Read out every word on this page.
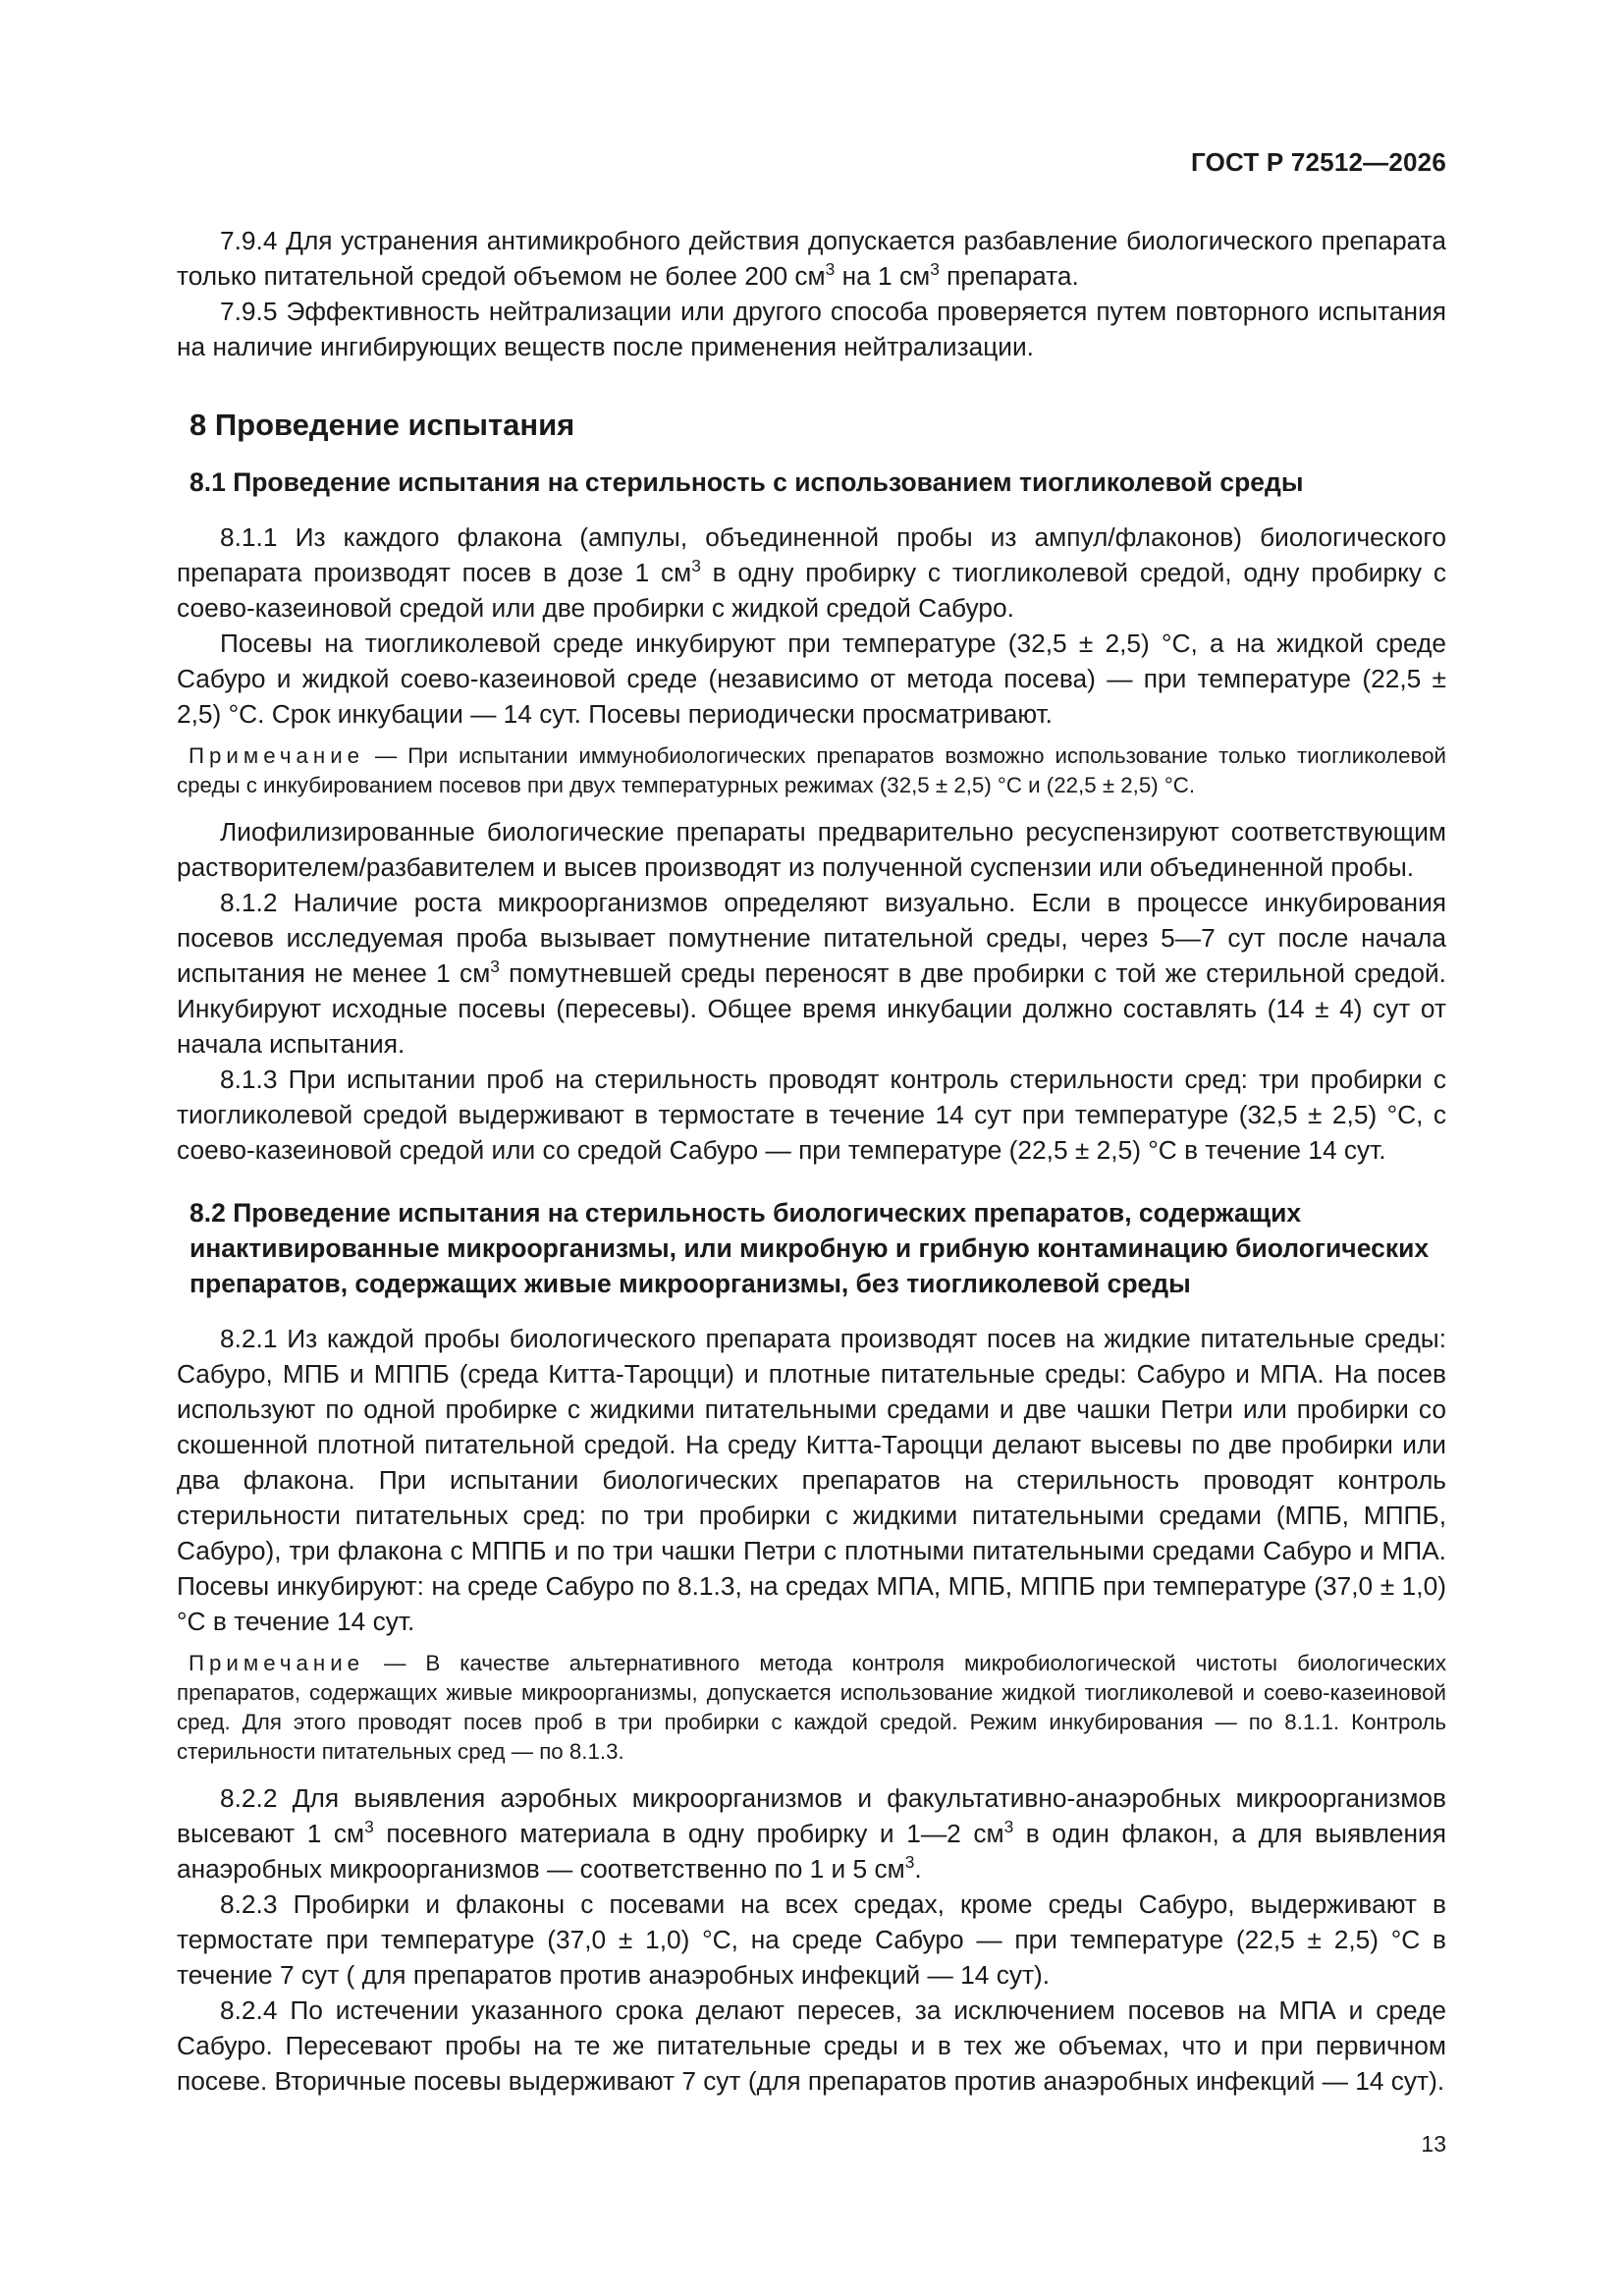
ГОСТ Р 72512—2026

7.9.4 Для устранения антимикробного действия допускается разбавление биологического препарата только питательной средой объемом не более 200 $см^3$ на 1 $см^3$ препарата.

7.9.5 Эффективность нейтрализации или другого способа проверяется путем повторного испытания на наличие ингибирующих веществ после применения нейтрализации.

8 Проведение испытания
8.1 Проведение испытания на стерильность с использованием тиогликолевой среды

8.1.1 Из каждого флакона (ампулы, объединенной пробы из ампул/флаконов) биологического препарата производят посев в дозе 1 $см^3$ в одну пробирку с тиогликолевой средой, одну пробирку с соево-казеиновой средой или две пробирки с жидкой средой Сабуро.

Посевы на тиогликолевой среде инкубируют при температуре (32,5 ± 2,5) °С, а на жидкой среде Сабуро и жидкой соево-казеиновой среде (независимо от метода посева) — при температуре (22,5 ± 2,5) °С. Срок инкубации — 14 сут. Посевы периодически просматривают.

Примечание — При испытании иммунобиологических препаратов возможно использование только тиогликолевой среды с инкубированием посевов при двух температурных режимах (32,5 ± 2,5) °С и (22,5 ± 2,5) °С.

Лиофилизированные биологические препараты предварительно ресуспензируют соответствующим растворителем/разбавителем и высев производят из полученной суспензии или объединенной пробы.

8.1.2 Наличие роста микроорганизмов определяют визуально. Если в процессе инкубирования посевов исследуемая проба вызывает помутнение питательной среды, через 5—7 сут после начала испытания не менее 1 $см^3$ помутневшей среды переносят в две пробирки с той же стерильной средой. Инкубируют исходные посевы (пересевы). Общее время инкубации должно составлять (14 ± 4) сут от начала испытания.

8.1.3 При испытании проб на стерильность проводят контроль стерильности сред: три пробирки с тиогликолевой средой выдерживают в термостате в течение 14 сут при температуре (32,5 ± 2,5) °С, с соево-казеиновой средой или со средой Сабуро — при температуре (22,5 ± 2,5) °С в течение 14 сут.

8.2 Проведение испытания на стерильность биологических препаратов, содержащих инактивированные микроорганизмы, или микробную и грибную контаминацию биологических препаратов, содержащих живые микроорганизмы, без тиогликолевой среды

8.2.1 Из каждой пробы биологического препарата производят посев на жидкие питательные среды: Сабуро, МПБ и МППБ (среда Китта-Тароцци) и плотные питательные среды: Сабуро и МПА. На посев используют по одной пробирке с жидкими питательными средами и две чашки Петри или пробирки со скошенной плотной питательной средой. На среду Китта-Тароцци делают высевы по две пробирки или два флакона. При испытании биологических препаратов на стерильность проводят контроль стерильности питательных сред: по три пробирки с жидкими питательными средами (МПБ, МППБ, Сабуро), три флакона с МППБ и по три чашки Петри с плотными питательными средами Сабуро и МПА. Посевы инкубируют: на среде Сабуро по 8.1.3, на средах МПА, МПБ, МППБ при температуре (37,0 ± 1,0) °С в течение 14 сут.

Примечание — В качестве альтернативного метода контроля микробиологической чистоты биологических препаратов, содержащих живые микроорганизмы, допускается использование жидкой тиогликолевой и соево-казеиновой сред. Для этого проводят посев проб в три пробирки с каждой средой. Режим инкубирования — по 8.1.1. Контроль стерильности питательных сред — по 8.1.3.

8.2.2 Для выявления аэробных микроорганизмов и факультативно-анаэробных микроорганизмов высевают 1 $см^3$ посевного материала в одну пробирку и 1—2 $см^3$ в один флакон, а для выявления анаэробных микроорганизмов — соответственно по 1 и 5 $см^3$.

8.2.3 Пробирки и флаконы с посевами на всех средах, кроме среды Сабуро, выдерживают в термостате при температуре (37,0 ± 1,0) °С, на среде Сабуро — при температуре (22,5 ± 2,5) °С в течение 7 сут ( для препаратов против анаэробных инфекций — 14 сут).

8.2.4 По истечении указанного срока делают пересев, за исключением посевов на МПА и среде Сабуро. Пересевают пробы на те же питательные среды и в тех же объемах, что и при первичном посеве. Вторичные посевы выдерживают 7 сут (для препаратов против анаэробных инфекций — 14 сут).

13
